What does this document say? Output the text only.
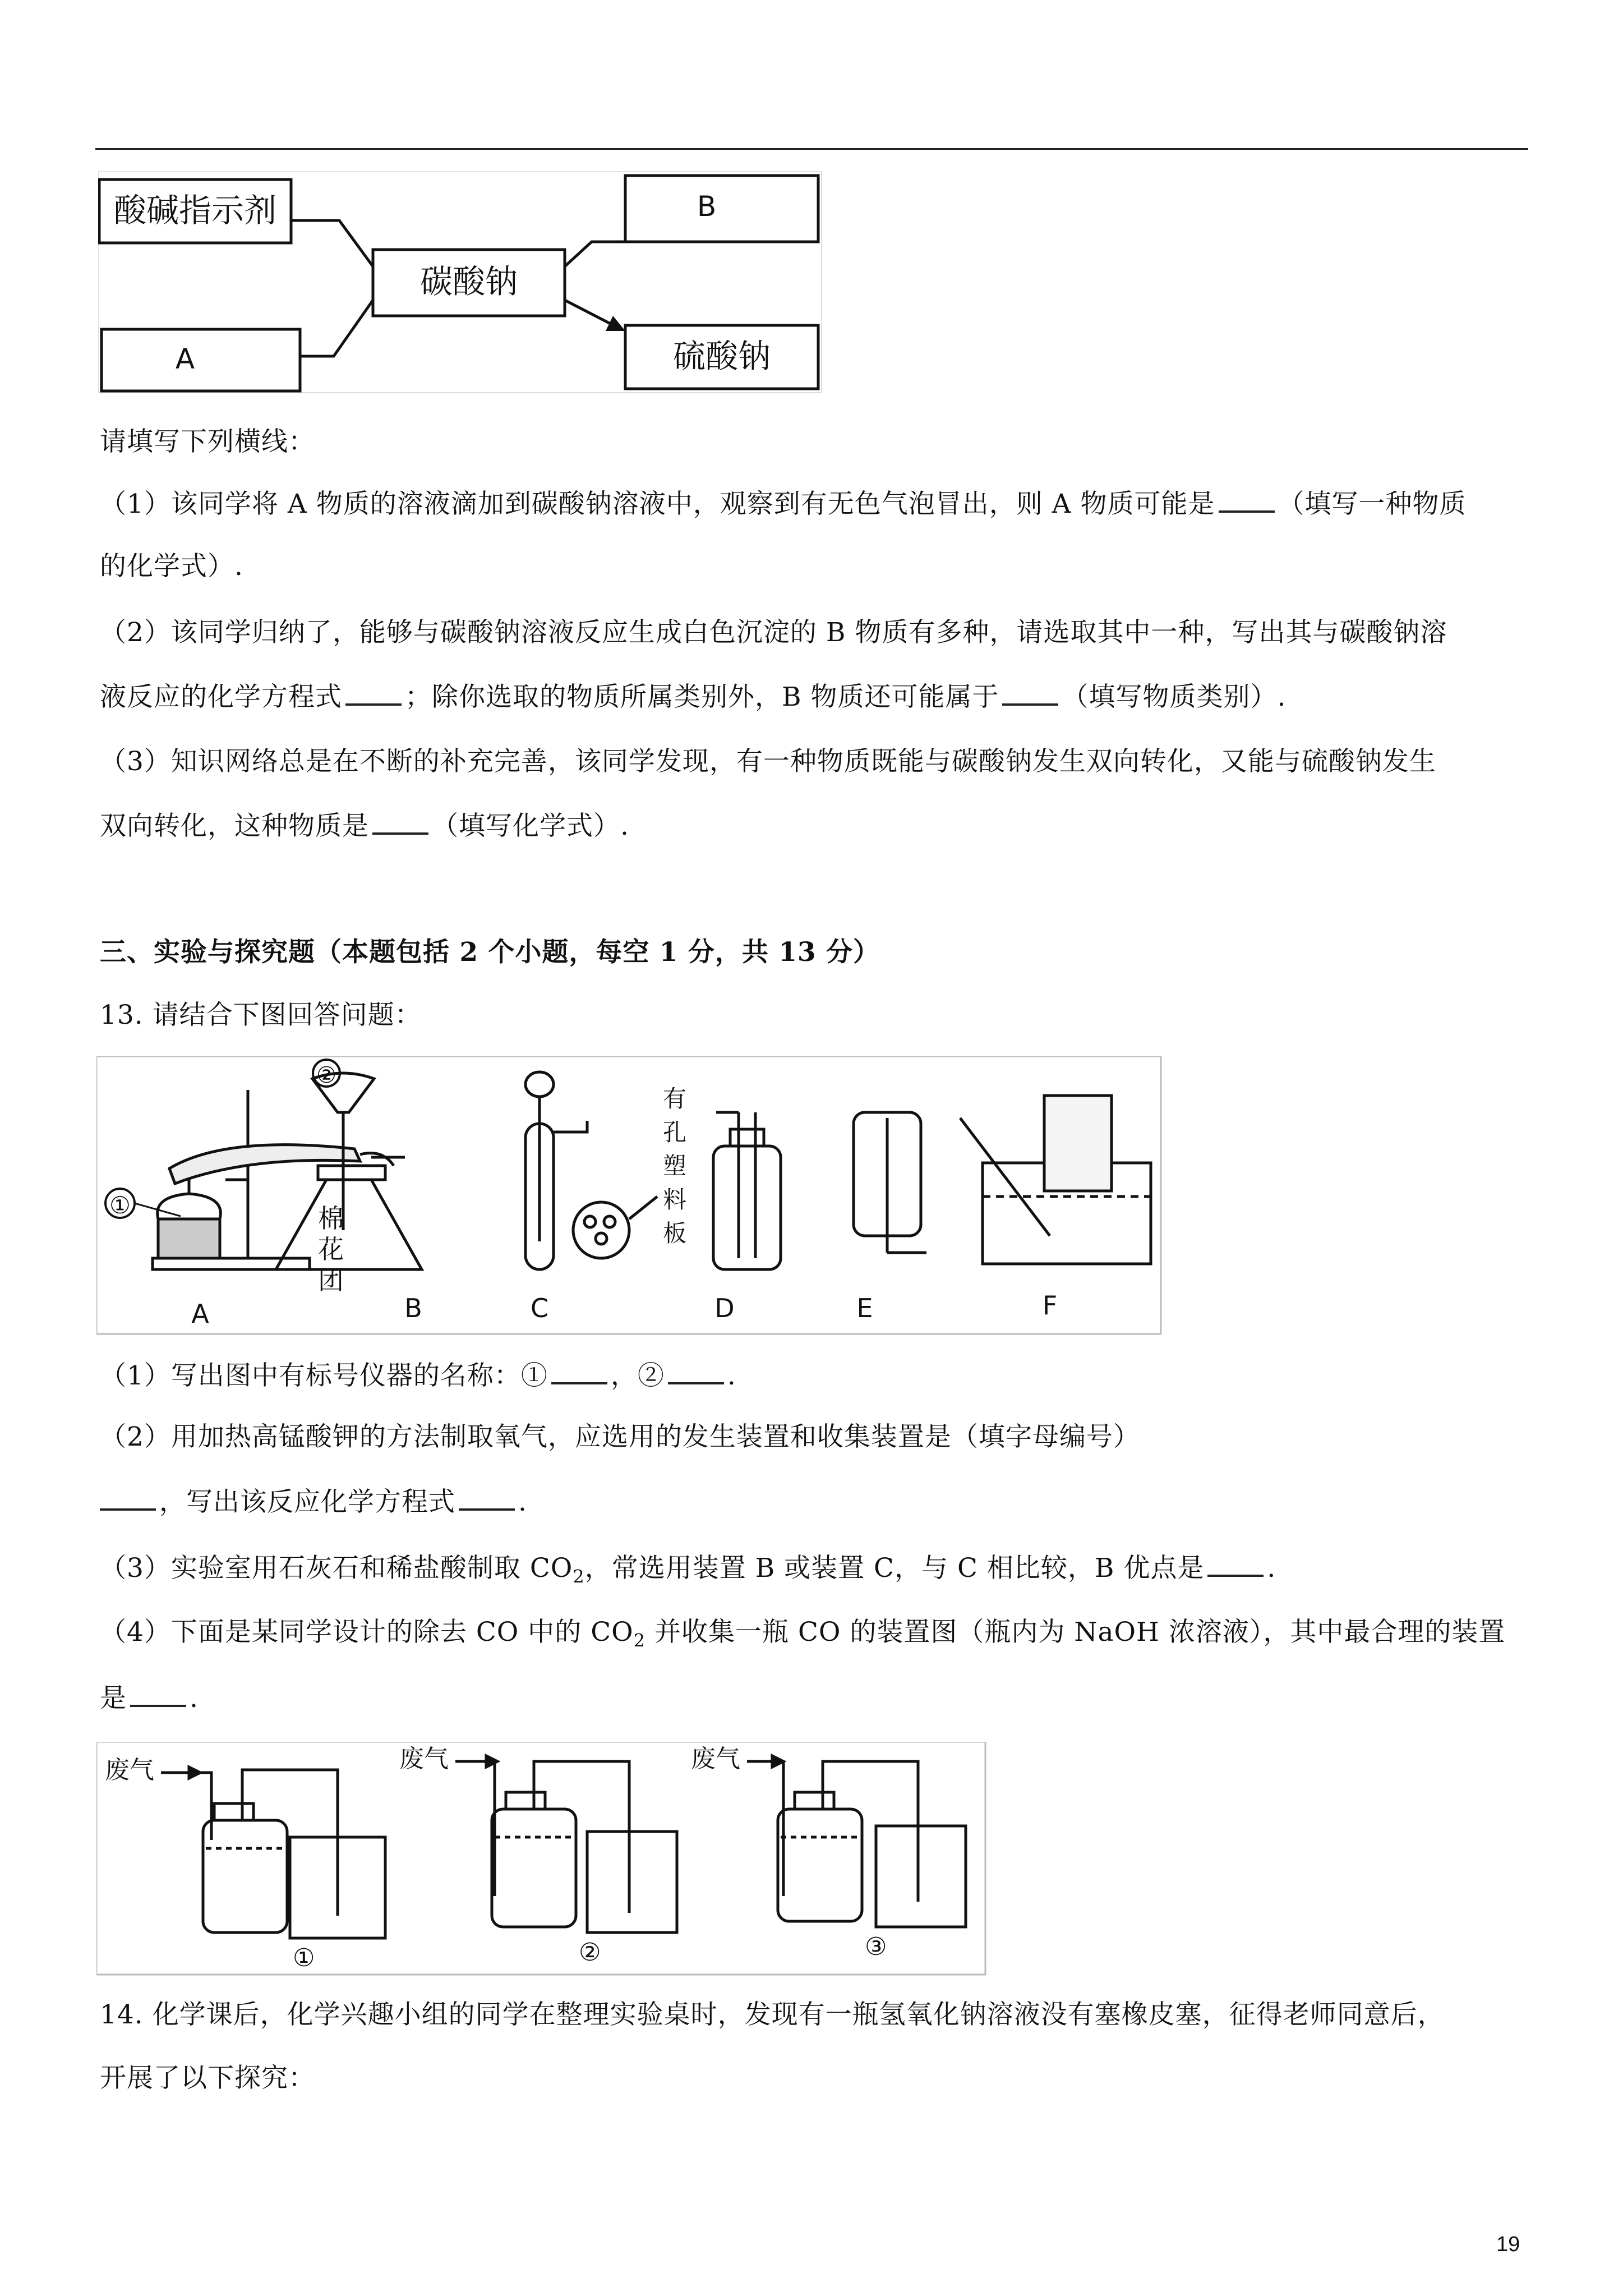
酸碱指示剂	B
碳酸钠
A	硫酸钠
请填写下列横线：
（1）该同学将 A 物质的溶液滴加到碳酸钠溶液中，观察到有无色气泡冒出，则 A 物质可能是 （填写一种物质
的化学式）.
（2）该同学归纳了，能够与碳酸钠溶液反应生成白色沉淀的 B 物质有多种，请选取其中一种，写出其与碳酸钠溶
液反应的化学方程式 ；除你选取的物质所属类别外，B 物质还可能属于 （填写物质类别）.
（3）知识网络总是在不断的补充完善，该同学发现，有一种物质既能与碳酸钠发生双向转化，又能与硫酸钠发生
双向转化，这种物质是 （填写化学式）.
三、实验与探究题（本题包括 2 个小题，每空 1 分，共 13 分）
13. 请结合下图回答问题：
①	棉
花
团
②
有
孔
塑
料
板
A	B	C	D	E	F
（1）写出图中有标号仪器的名称：① ，② .
（2）用加热高锰酸钾的方法制取氧气，应选用的发生装置和收集装置是（填字母编号）
，写出该反应化学方程式 .
（3）实验室用石灰石和稀盐酸制取 $CO_2$，常选用装置 B 或装置 C，与 C 相比较，B 优点是 .
（4）下面是某同学设计的除去 CO 中的 $CO_2$ 并收集一瓶 CO 的装置图（瓶内为 NaOH 浓溶液），其中最合理的装置
是 .
废气
①
废气
②
废气
③
14. 化学课后，化学兴趣小组的同学在整理实验桌时，发现有一瓶氢氧化钠溶液没有塞橡皮塞，征得老师同意后，
开展了以下探究：
19
